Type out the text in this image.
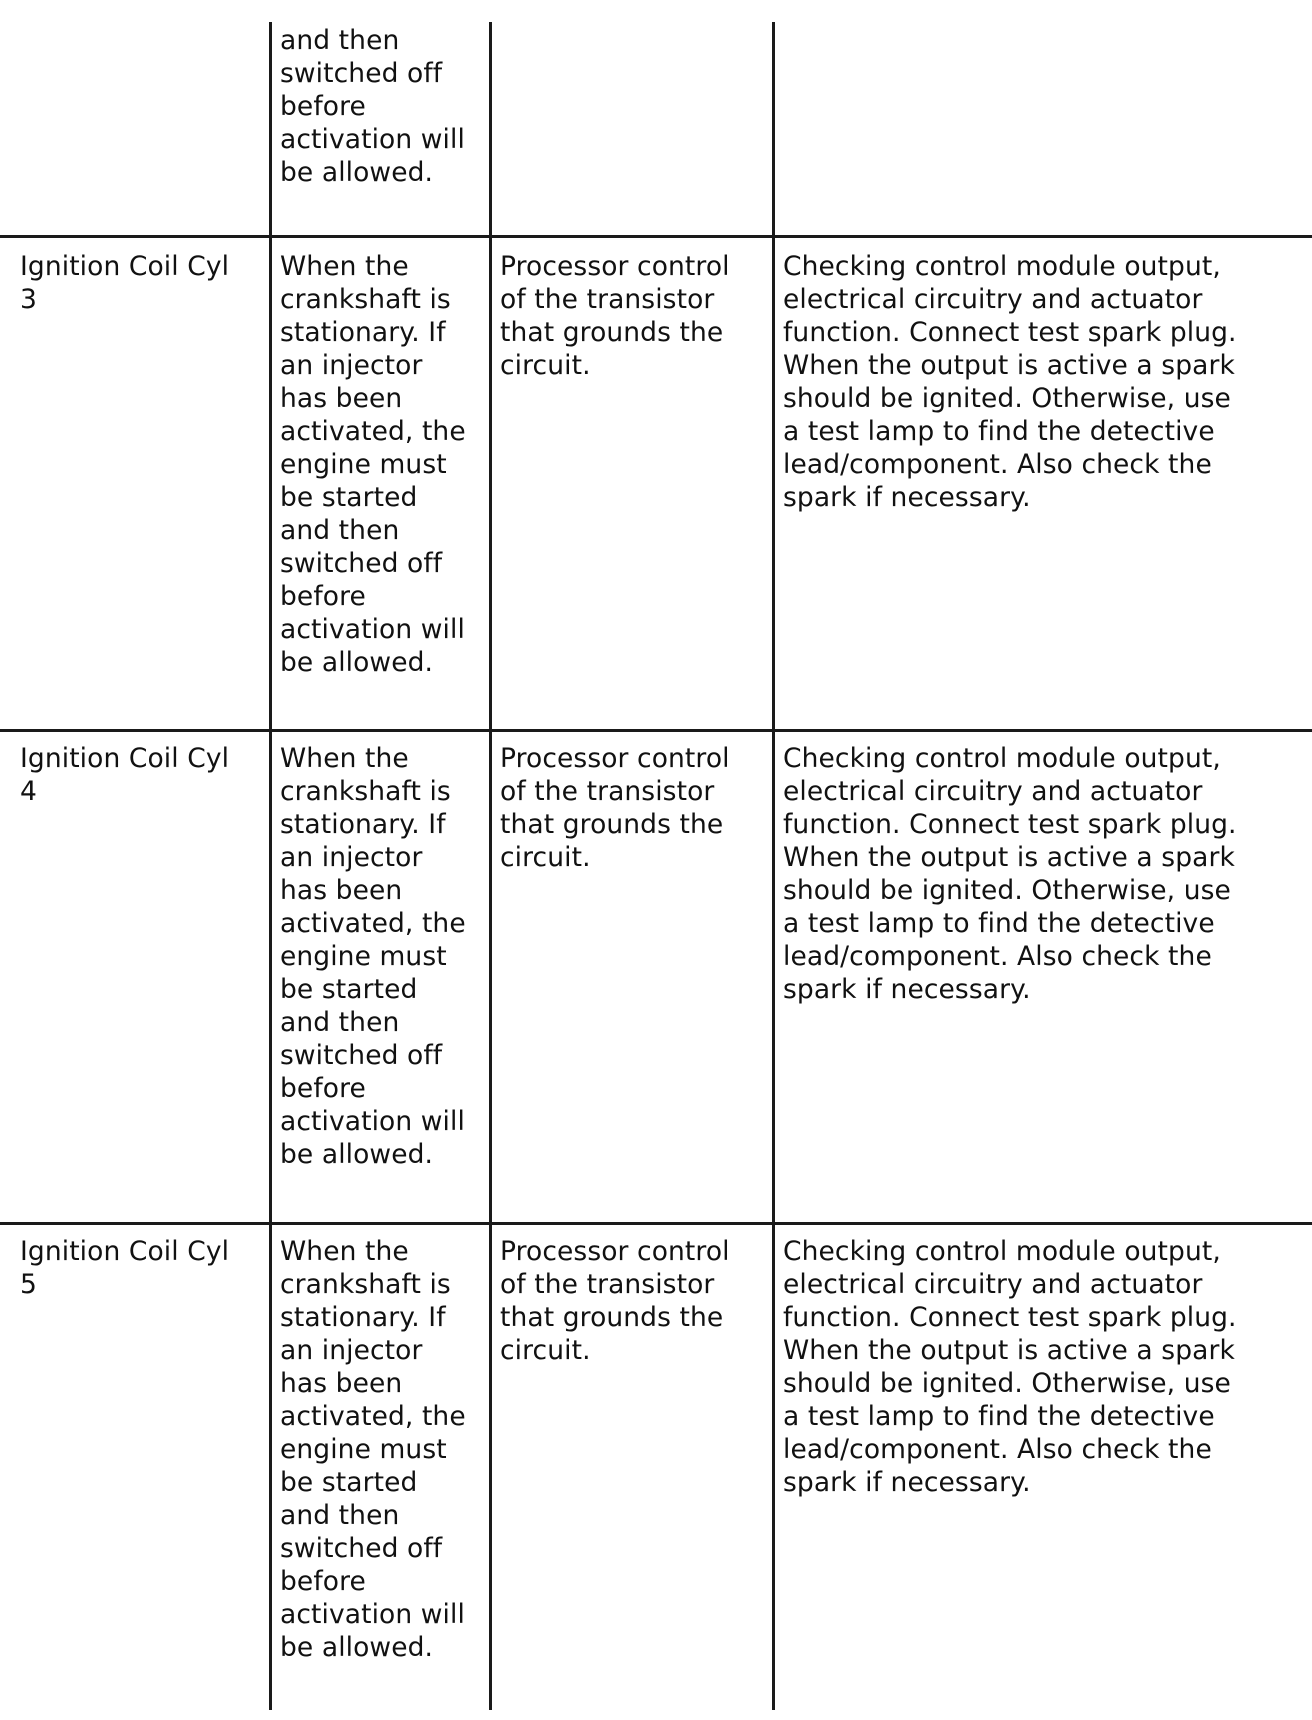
and then
switched off
before
activation will
be allowed.
Ignition Coil Cyl
3
When the
crankshaft is
stationary. If
an injector
has been
activated, the
engine must
be started
and then
switched off
before
activation will
be allowed.
Processor control
of the transistor
that grounds the
circuit.
Checking control module output,
electrical circuitry and actuator
function. Connect test spark plug.
When the output is active a spark
should be ignited. Otherwise, use
a test lamp to find the detective
lead/component. Also check the
spark if necessary.
Ignition Coil Cyl
4
When the
crankshaft is
stationary. If
an injector
has been
activated, the
engine must
be started
and then
switched off
before
activation will
be allowed.
Processor control
of the transistor
that grounds the
circuit.
Checking control module output,
electrical circuitry and actuator
function. Connect test spark plug.
When the output is active a spark
should be ignited. Otherwise, use
a test lamp to find the detective
lead/component. Also check the
spark if necessary.
Ignition Coil Cyl
5
When the
crankshaft is
stationary. If
an injector
has been
activated, the
engine must
be started
and then
switched off
before
activation will
be allowed.
Processor control
of the transistor
that grounds the
circuit.
Checking control module output,
electrical circuitry and actuator
function. Connect test spark plug.
When the output is active a spark
should be ignited. Otherwise, use
a test lamp to find the detective
lead/component. Also check the
spark if necessary.
